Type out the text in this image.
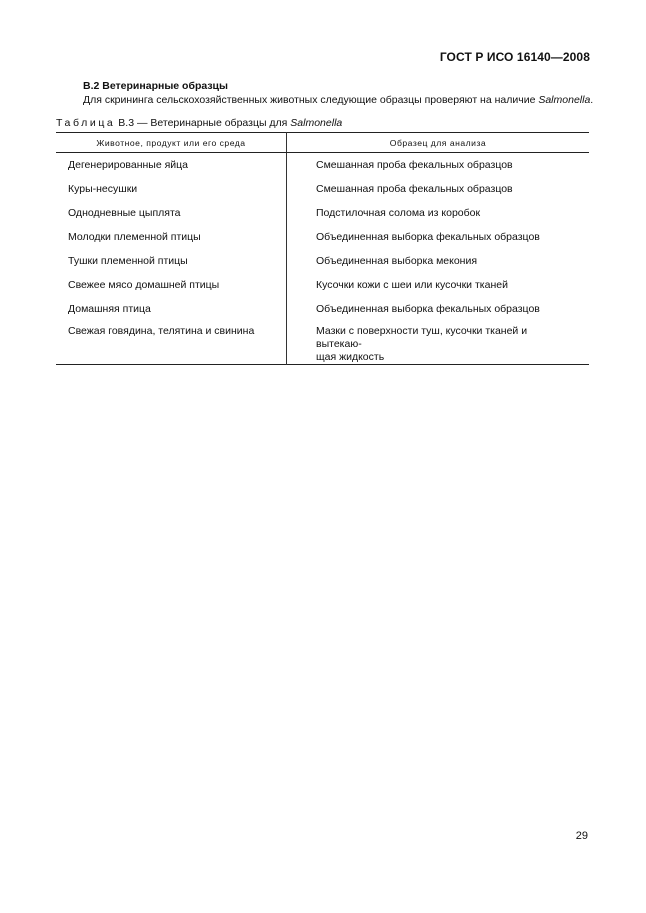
ГОСТ Р ИСО 16140—2008
B.2 Ветеринарные образцы
Для скрининга сельскохозяйственных животных следующие образцы проверяют на наличие Salmonella.
Таблица B.3 — Ветеринарные образцы для Salmonella
Животное, продукт или его среда	Образец для анализа
Дегенерированные яйца	Смешанная проба фекальных образцов
Куры-несушки	Смешанная проба фекальных образцов
Однодневные цыплята	Подстилочная солома из коробок
Молодки племенной птицы	Объединенная выборка фекальных образцов
Тушки племенной птицы	Объединенная выборка мекония
Свежее мясо домашней птицы	Кусочки кожи с шеи или кусочки тканей
Домашняя птица	Объединенная выборка фекальных образцов
Свежая говядина, телятина и свинина	Мазки с поверхности туш, кусочки тканей и вытекаю-
щая жидкость
29
